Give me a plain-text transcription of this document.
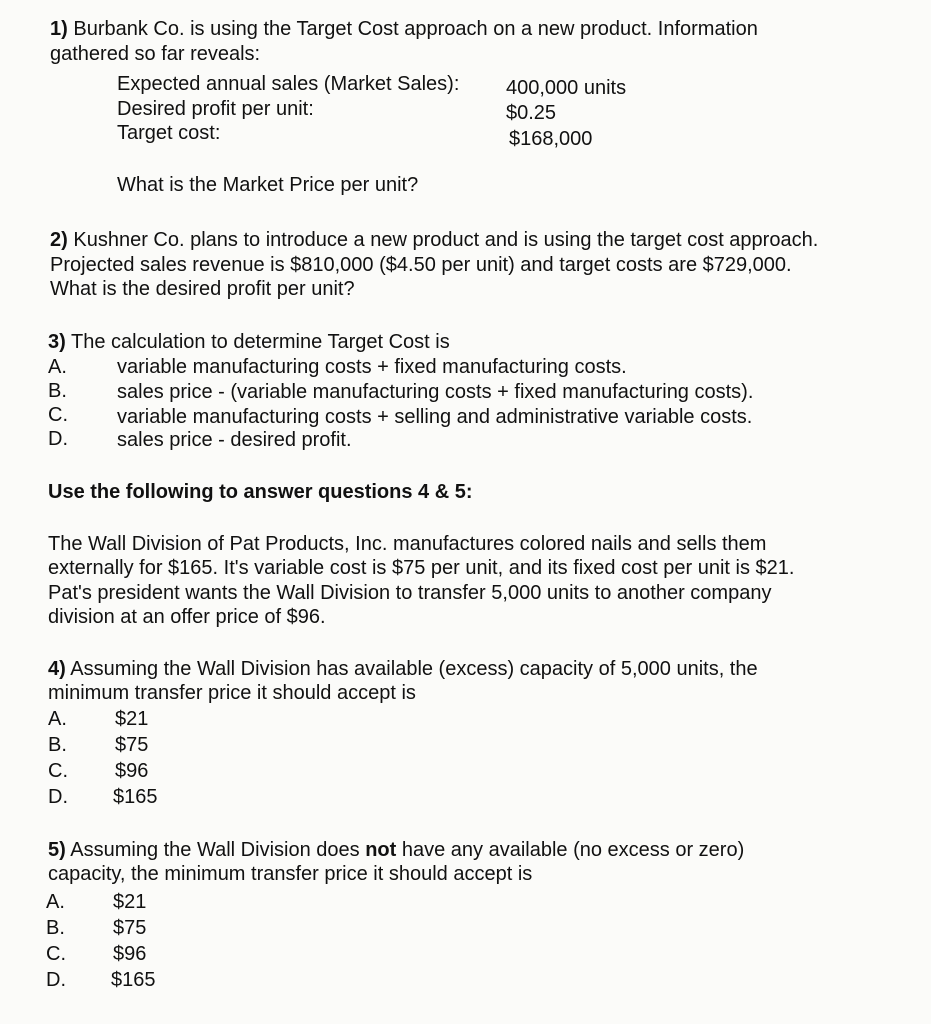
1) Burbank Co. is using the Target Cost approach on a new product. Information
gathered so far reveals:
Expected annual sales (Market Sales): 400,000 units
Desired profit per unit:	$0.25
Target cost:	$168,000
What is the Market Price per unit?
2) Kushner Co. plans to introduce a new product and is using the target cost approach.
Projected sales revenue is $810,000 ($4.50 per unit) and target costs are $729,000.
What is the desired profit per unit?
3) The calculation to determine Target Cost is
A.	variable manufacturing costs + fixed manufacturing costs.
B.	sales price - (variable manufacturing costs + fixed manufacturing costs).
C. variable manufacturing costs + selling and administrative variable costs.
D. sales price - desired profit.
Use the following to answer questions 4 & 5:
The Wall Division of Pat Products, Inc. manufactures colored nails and sells them
externally for $165. It's variable cost is $75 per unit, and its fixed cost per unit is $21.
Pat's president wants the Wall Division to transfer 5,000 units to another company
division at an offer price of $96.
4) Assuming the Wall Division has available (excess) capacity of 5,000 units, the
minimum transfer price it should accept is
A. $21
B. $75
C. $96
D. $165
5) Assuming the Wall Division does not have any available (no excess or zero)
capacity, the minimum transfer price it should accept is
A. $21
B. $75
C. $96
D. $165
